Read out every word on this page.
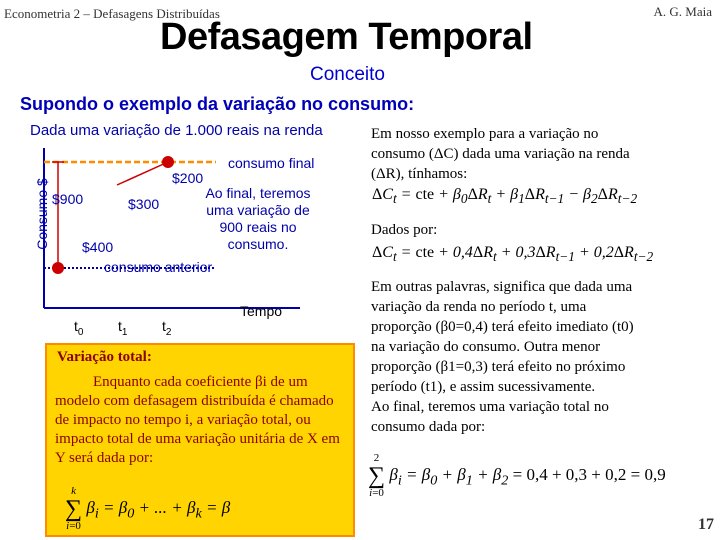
Econometria 2 – Defasagens Distribuídas	A. G. Maia
Defasagem Temporal
Conceito
Supondo o exemplo da variação no consumo:
Dada uma variação de 1.000 reais na renda
Consumo $ $900	$300
$200
$400
consumo final
consumo anterior
Ao final, teremos
uma variação de
900 reais no
consumo.
Tempo
$t_0$ $t_1$ $t_2$
Em nosso exemplo para a variação no
consumo (ΔC) dada uma variação na renda
(ΔR), tínhamos:
$\Delta C_t$ = cte + $\beta_0\Delta R_t + \beta_1\Delta R_{t-1} - \beta_2\Delta R_{t-2}$
Dados por:
$\Delta C_t$ = cte + $0,4\Delta R_t + 0,3\Delta R_{t-1} + 0,2\Delta R_{t-2}$
Em outras palavras, significa que dada uma
variação da renda no período t, uma
proporção (β0=0,4) terá efeito imediato (t0)
na variação do consumo. Outra menor
proporção (β1=0,3) terá efeito no próximo
período (t1), e assim sucessivamente.
Ao final, teremos uma variação total no
consumo dada por:
2
∑
i=0
$\beta_i = \beta_0 + \beta_1 + \beta_2 = 0,4 + 0,3 + 0,2 = 0,9$
Variação total:
Enquanto cada coeficiente βi de um modelo com defasagem distribuída é chamado de impacto no tempo i, a variação total, ou impacto total de uma variação unitária de X em Y será dada por:
k
∑
i=0
$\beta_i = \beta_0$ + ... + $\beta_k = \beta$
17
